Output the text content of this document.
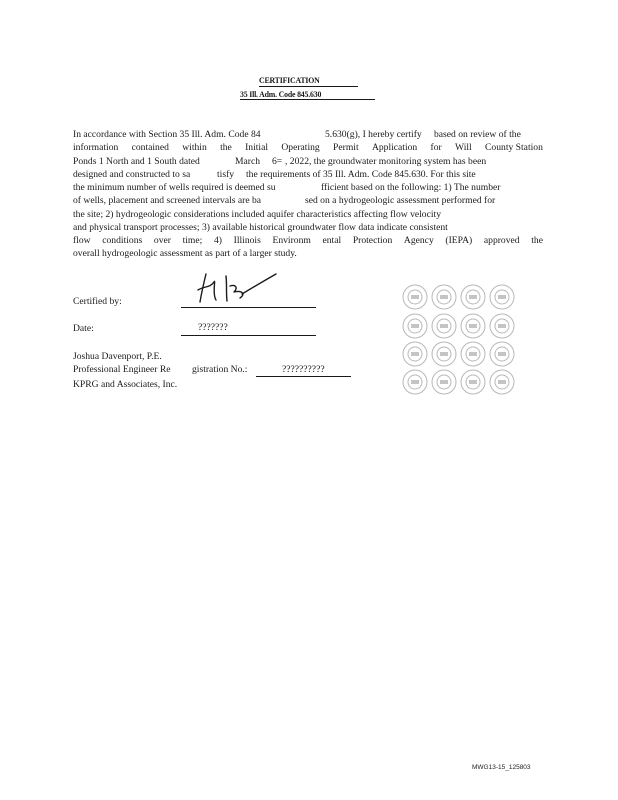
CERTIFICATION
35 Ill. Adm. Code 845.630
In accordance with Section 35 Ill. Adm. Code 84	5.630(g), I hereby certify based on review of the
information contained within the Initial Operating Permit Application for Will County Station
Ponds 1 North and 1 South dated	March 6= , 2022, the groundwater monitoring system has been
designed and constructed to sa	tisfy the requirements of 35 Ill. Adm. Code 845.630. For this site
the minimum number of wells required is deemed su	fficient based on the following: 1) The number
of wells, placement and screened intervals are ba	sed on a hydrogeologic assessment performed for
the site; 2) hydrogeologic considerations included aquifer characteristics affecting flow velocity
and physical transport processes; 3) available historical groundwater flow data indicate consistent
flow conditions over time; 4) Illinois Environm ental Protection Agency (IEPA) approved the
overall hydrogeologic assessment as part of a larger study.
Certified by:
Date:	???????
Joshua Davenport, P.E.
Professional Engineer Re gistration No.:	??????????
KPRG and Associates, Inc.
MWG13-15_125803
